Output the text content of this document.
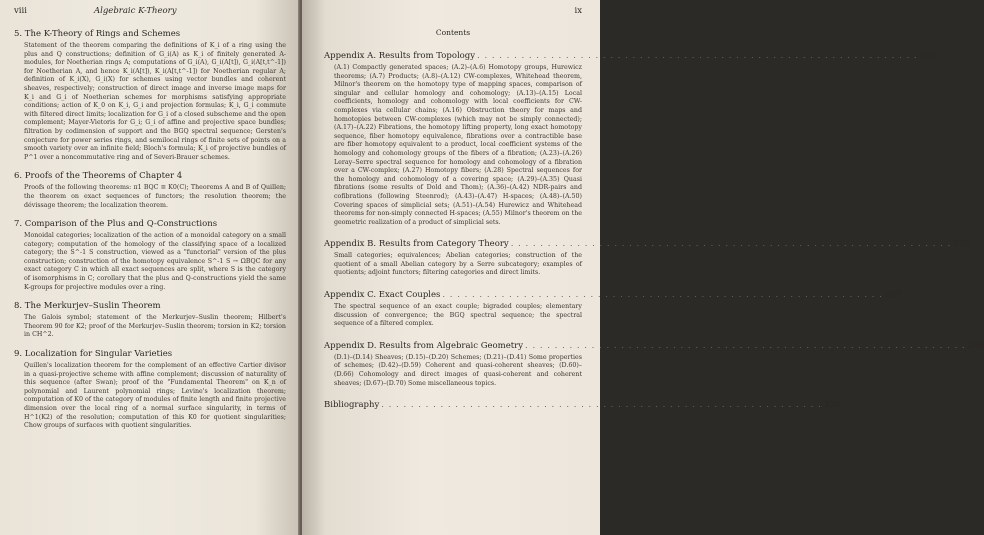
viii	Algebraic K-Theory
5. The K-Theory of Rings and Schemes
Statement of the theorem comparing the definitions of K_i of a ring using the plus and Q constructions; definition of G_i(A) as K_i of finitely generated A-modules, for Noetherian rings A; computations of G_i(A), G_i(A[t]), G_i(A[t,t^-1]) for Noetherian A, and hence K_i(A[t]), K_i(A[t,t^-1]) for Noetherian regular A; definition of K_i(X), G_i(X) for schemes using vector bundles and coherent sheaves, respectively; construction of direct image and inverse image maps for K_i and G_i of Noetherian schemes for morphisms satisfying appropriate conditions; action of K_0 on K_i, G_i and projection formulas; K_i, G_i commute with filtered direct limits; localization for G_i of a closed subscheme and the open complement; Mayer-Vietoris for G_i; G_i of affine and projective space bundles; filtration by codimension of support and the BGQ spectral sequence; Gersten's conjecture for power series rings, and semilocal rings of finite sets of points on a smooth variety over an infinite field; Bloch's formula; K_i of projective bundles of P^1 over a noncommutative ring and of Severi-Brauer schemes.
6. Proofs of the Theorems of Chapter 4
Proofs of the following theorems: π1 BQC ≅ K0(C); Theorems A and B of Quillen; the theorem on exact sequences of functors; the resolution theorem; the dévissage theorem; the localization theorem.
7. Comparison of the Plus and Q-Constructions
Monoidal categories; localization of the action of a monoidal category on a small category; computation of the homology of the classifying space of a localized category; the S^-1 S construction, viewed as a "functorial" version of the plus construction; construction of the homotopy equivalence S^-1 S → ΩBQC for any exact category C in which all exact sequences are split, where S is the category of isomorphisms in C; corollary that the plus and Q-constructions yield the same K-groups for projective modules over a ring.
8. The Merkurjev–Suslin Theorem
The Galois symbol; statement of the Merkurjev–Suslin theorem; Hilbert's Theorem 90 for K2; proof of the Merkurjev–Suslin theorem; torsion in K2; torsion in CH^2.
9. Localization for Singular Varieties
Quillen's localization theorem for the complement of an effective Cartier divisor in a quasi-projective scheme with affine complement; discussion of naturality of this sequence (after Swan); proof of the "Fundamental Theorem" on K_n of polynomial and Laurent polynomial rings; Levine's localization theorem; computation of K0 of the category of modules of finite length and finite projective dimension over the local ring of a normal surface singularity, in terms of H^1(K2) of the resolution; computation of this K0 for quotient singularities; Chow groups of surfaces with quotient singularities.
ix
Contents
Appendix A. Results from Topology . . . . . . . . . . . . . . . . . . . . . . . . . . . . . . . . . . . . . . . . . . . . . . . . . . . . . . . . . . . . 230
(A.1) Compactly generated spaces; (A.2)–(A.6) Homotopy groups, Hurewicz theorems; (A.7) Products; (A.8)–(A.12) CW-complexes, Whitehead theorem, Milnor's theorem on the homotopy type of mapping spaces, comparison of singular and cellular homology and cohomology; (A.13)–(A.15) Local coefficients, homology and cohomology with local coefficients for CW-complexes via cellular chains; (A.16) Obstruction theory for maps and homotopies between CW-complexes (which may not be simply connected); (A.17)–(A.22) Fibrations, the homotopy lifting property, long exact homotopy sequence, fiber homotopy equivalence, fibrations over a contractible base are fiber homotopy equivalent to a product, local coefficient systems of the homology and cohomology groups of the fibers of a fibration; (A.23)–(A.26) Leray–Serre spectral sequence for homology and cohomology of a fibration over a CW-complex; (A.27) Homotopy fibers; (A.28) Spectral sequences for the homology and cohomology of a covering space; (A.29)–(A.35) Quasi fibrations (some results of Dold and Thom); (A.36)–(A.42) NDR-pairs and cofibrations (following Steenrod); (A.43)–(A.47) H-spaces; (A.48)–(A.50) Covering spaces of simplicial sets; (A.51)–(A.54) Hurewicz and Whitehead theorems for non-simply connected H-spaces; (A.55) Milnor's theorem on the geometric realization of a product of simplicial sets.
Appendix B. Results from Category Theory . . . . . . . . . . . . . . . . . . . . . . . . . . . . . . . . . . . . . . . . . . . . . . . . . . . . . . . . . . . . 276
Small categories; equivalences; Abelian categories; construction of the quotient of a small Abelian category by a Serre subcategory; examples of quotients; adjoint functors; filtering categories and direct limits.
Appendix C. Exact Couples . . . . . . . . . . . . . . . . . . . . . . . . . . . . . . . . . . . . . . . . . . . . . . . . . . . . . . . . . . . . 287
The spectral sequence of an exact couple; bigraded couples; elementary discussion of convergence; the BGQ spectral sequence; the spectral sequence of a filtered complex.
Appendix D. Results from Algebraic Geometry . . . . . . . . . . . . . . . . . . . . . . . . . . . . . . . . . . . . . . . . . . . . . . . . . . . . . . . . . . . . 295
(D.1)–(D.14) Sheaves; (D.15)–(D.20) Schemes; (D.21)–(D.41) Some properties of schemes; (D.42)–(D.59) Coherent and quasi-coherent sheaves; (D.60)–(D.66) Cohomology and direct images of quasi-coherent and coherent sheaves; (D.67)–(D.70) Some miscellaneous topics.
Bibliography . . . . . . . . . . . . . . . . . . . . . . . . . . . . . . . . . . . . . . . . . . . . . . . . . . . . . . . . . . . . 339
